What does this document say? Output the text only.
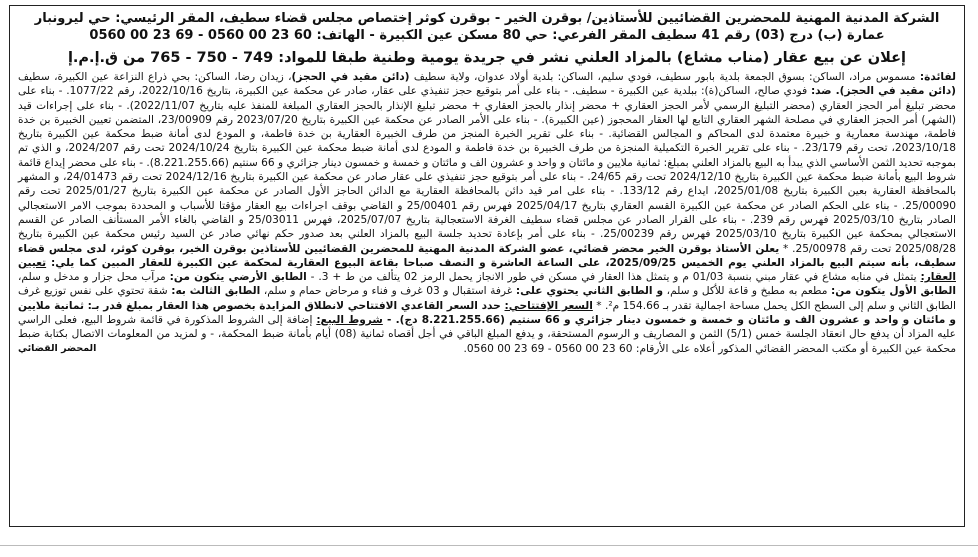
الشركة المدنية المهنية للمحضرين القضائيين للأستاذين/ بوقرن الخير - بوقرن كوثر إختصاص مجلس قضاء سطيف، المقر الرئيسي: حي ليرونبار
عمارة (ب) درج (03) رقم 41 سطيف المقر الفرعي: حي 80 مسكن عين الكبيرة - الهاتف: 60 23 00 0560 - 69 23 00 0560
إعلان عن بيع عقار (مناب مشاع) بالمزاد العلني نشر في جريدة يومية وطنية طبقا للمواد: 749 - 750 - 765 من ق.إ.م.إ

لفائدة: مسموس مراد، الساكن: بسوق الجمعة بلدية بابور سطيف، فودي سليم، الساكن: بلدية أولاد عدوان، ولاية سطيف (دائن مقيد في الحجز)، زيدان رضا، الساكن: بحي ذراع النزاعة عين الكبيرة، سطيف (دائن مقيد في الحجز). ضد: فودي صالح، الساكن(ة): ببلدية عين الكبيرة - سطيف. - بناء على أمر بتوقيع حجز تنفيذي على عقار، صادر عن محكمة عين الكبيرة، بتاريخ 2022/10/16، رقم 1077/22. - بناء على محضر تبليغ أمر الحجز العقاري (محضر التبليغ الرسمي لأمر الحجز العقاري + محضر إنذار بالحجز العقاري + محضر تبليغ الإنذار بالحجز العقاري المبلغة للمنفذ عليه بتاريخ 2022/11/07). - بناء على إجراءات قيد (الشهر) أمر الحجز العقاري في مصلحة الشهر العقاري التابع لها العقار المحجوز (عين الكبيرة). - بناء على الأمر الصادر عن محكمة عين الكبيرة بتاريخ 2023/07/20 رقم 23/00909، المتضمن تعيين الخبيرة بن خدة فاطمة، مهندسة معمارية و خبيرة معتمدة لدى المحاكم و المجالس القضائية. - بناء على تقرير الخبرة المنجز من طرف الخبيرة العقارية بن خدة فاطمة، و المودع لدى أمانة ضبط محكمة عين الكبيرة بتاريخ 2023/10/18، تحت رقم 23/179. - بناء على تقرير الخبرة التكميلية المنجزة من طرف الخبيرة بن خدة فاطمة و المودع لدى أمانة ضبط محكمة عين الكبيرة بتاريخ 2024/10/24 تحت رقم 2024/207، و الذي تم بموجبه تحديد الثمن الأساسي الذي يبدأ به البيع بالمزاد العلني بمبلغ: ثمانية ملايين و مائتان و واحد و عشرون الف و مائتان و خمسة و خمسون دينار جزائري و 66 سنتيم (8.221.255.66). - بناء على محضر إيداع قائمة شروط البيع بأمانة ضبط محكمة عين الكبيرة بتاريخ 2024/12/10 تحت رقم 24/65. - بناء على أمر بتوقيع حجز تنفيذي على عقار صادر عن محكمة عين الكبيرة بتاريخ 2024/12/16 تحت رقم 24/01473، و المشهر بالمحافظة العقارية بعين الكبيرة بتاريخ 2025/01/08، ايداع رقم 133/12. - بناء على امر قيد دائن بالمحافظة العقارية مع الدائن الحاجز الأول الصادر عن محكمة عين الكبيرة بتاريخ 2025/01/27 تحت رقم 25/00090. - بناء على الحكم الصادر عن محكمة عين الكبيرة القسم العقاري بتاريخ 2025/04/17 فهرس رقم 25/00401 و القاضي بوقف اجراءات بيع العقار مؤقتا للأسباب و المحددة بموجب الامر الاستعجالي الصادر بتاريخ 2025/03/10 فهرس رقم 239. - بناء على القرار الصادر عن مجلس قضاء سطيف الغرفة الاستعجالية بتاريخ 2025/07/07، فهرس 25/03011 و القاضي بالغاء الأمر المستأنف الصادر عن القسم الاستعجالي بمحكمة عين الكبيرة بتاريخ 2025/03/10 فهرس رقم 25/00239. - بناء على أمر بإعادة تحديد جلسة البيع بالمزاد العلني بعد صدور حكم نهائي صادر عن السيد رئيس محكمة عين الكبيرة بتاريخ 2025/08/28 تحت رقم 25/00978. * يعلن الأستاذ بوقرن الخير محضر قضائي، عضو الشركة المدنية المهنية للمحضرين القضائيين للأستاذين بوقرن الخير، بوقرن كوثر، لدى مجلس قضاء سطيف، بأنه سيتم البيع بالمزاد العلني يوم الخميس 2025/09/25، على الساعة العاشرة و النصف صباحا بقاعة البيوع العقارية لمحكمة عين الكبيرة للعقار المبين كما يلي: تعيين العقار: يتمثل في منابه مشاع في عقار مبني بنسبة 01/03 م و يتمثل هذا العقار في مسكن في طور الانجاز يحمل الرمز 02 يتألف من ط + 3. - الطابق الأرضي يتكون من: مرآب محل جزار و مدخل و سلم، الطابق الأول يتكون من: مطعم به مطبخ و قاعة للأكل و سلم، و الطابق الثاني يحتوي على: غرفة استقبال و 03 غرف و فناء و مرحاض حمام و سلم، الطابق الثالث به: شقة تحتوي على نفس توزيع غرف الطابق الثاني و سلم إلى السطح الكل يحمل مساحة اجمالية تقدر بـ 154.66 م². * السعر الإفتتاحي: حدد السعر القاعدي الافتتاحي لانطلاق المزايدة بخصوص هذا العقار بمبلغ قدر بـ: ثمانية ملايين و مائتان و واحد و عشرون الف و مائتان و خمسة و خمسون دينار جزائري و 66 سنتيم (8.221.255.66 دج). - شروط البيع: إضافة إلى الشروط المذكورة في قائمة شروط البيع، فعلى الراسي عليه المزاد أن يدفع حال انعقاد الجلسة خمس (5/1) الثمن و المصاريف و الرسوم المستحقة، و يدفع المبلغ الباقي في أجل أقصاه ثمانية (08) أيام بأمانة ضبط المحكمة، - و لمزيد من المعلومات الاتصال بكتابة ضبط محكمة عين الكبيرة أو مكتب المحضر القضائي المذكور أعلاه على الأرقام: 60 23 00 0560 - 69 23 00 0560.
المحضر القضائي
